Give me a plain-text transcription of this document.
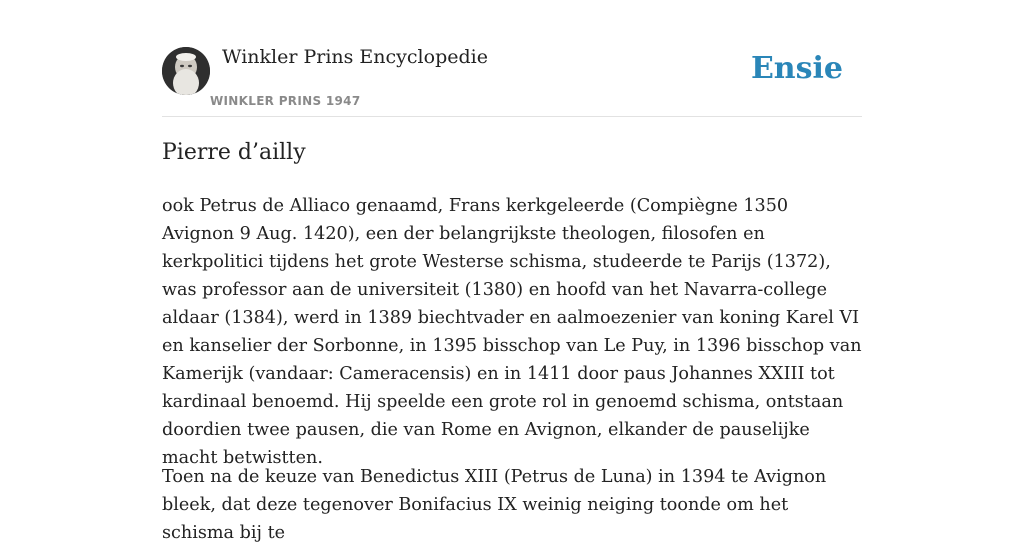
Winkler Prins Encyclopedie
WINKLER PRINS 1947
Ensie
Pierre d’ailly

ook Petrus de Alliaco genaamd, Frans kerkgeleerde (Compiègne 1350 Avignon 9 Aug. 1420), een der belangrijkste theologen, filosofen en kerkpolitici tijdens het grote Westerse schisma, studeerde te Parijs (1372), was professor aan de universiteit (1380) en hoofd van het Navarra-college aldaar (1384), werd in 1389 biechtvader en aalmoezenier van koning Karel VI en kanselier der Sorbonne, in 1395 bisschop van Le Puy, in 1396 bisschop van Kamerijk (vandaar: Cameracensis) en in 1411 door paus Johannes XXIII tot kardinaal benoemd. Hij speelde een grote rol in genoemd schisma, ontstaan doordien twee pausen, die van Rome en Avignon, elkander de pauselijke macht betwistten.

Toen na de keuze van Benedictus XIII (Petrus de Luna) in 1394 te Avignon bleek, dat deze tegenover Bonifacius IX weinig neiging toonde om het schisma bij te
